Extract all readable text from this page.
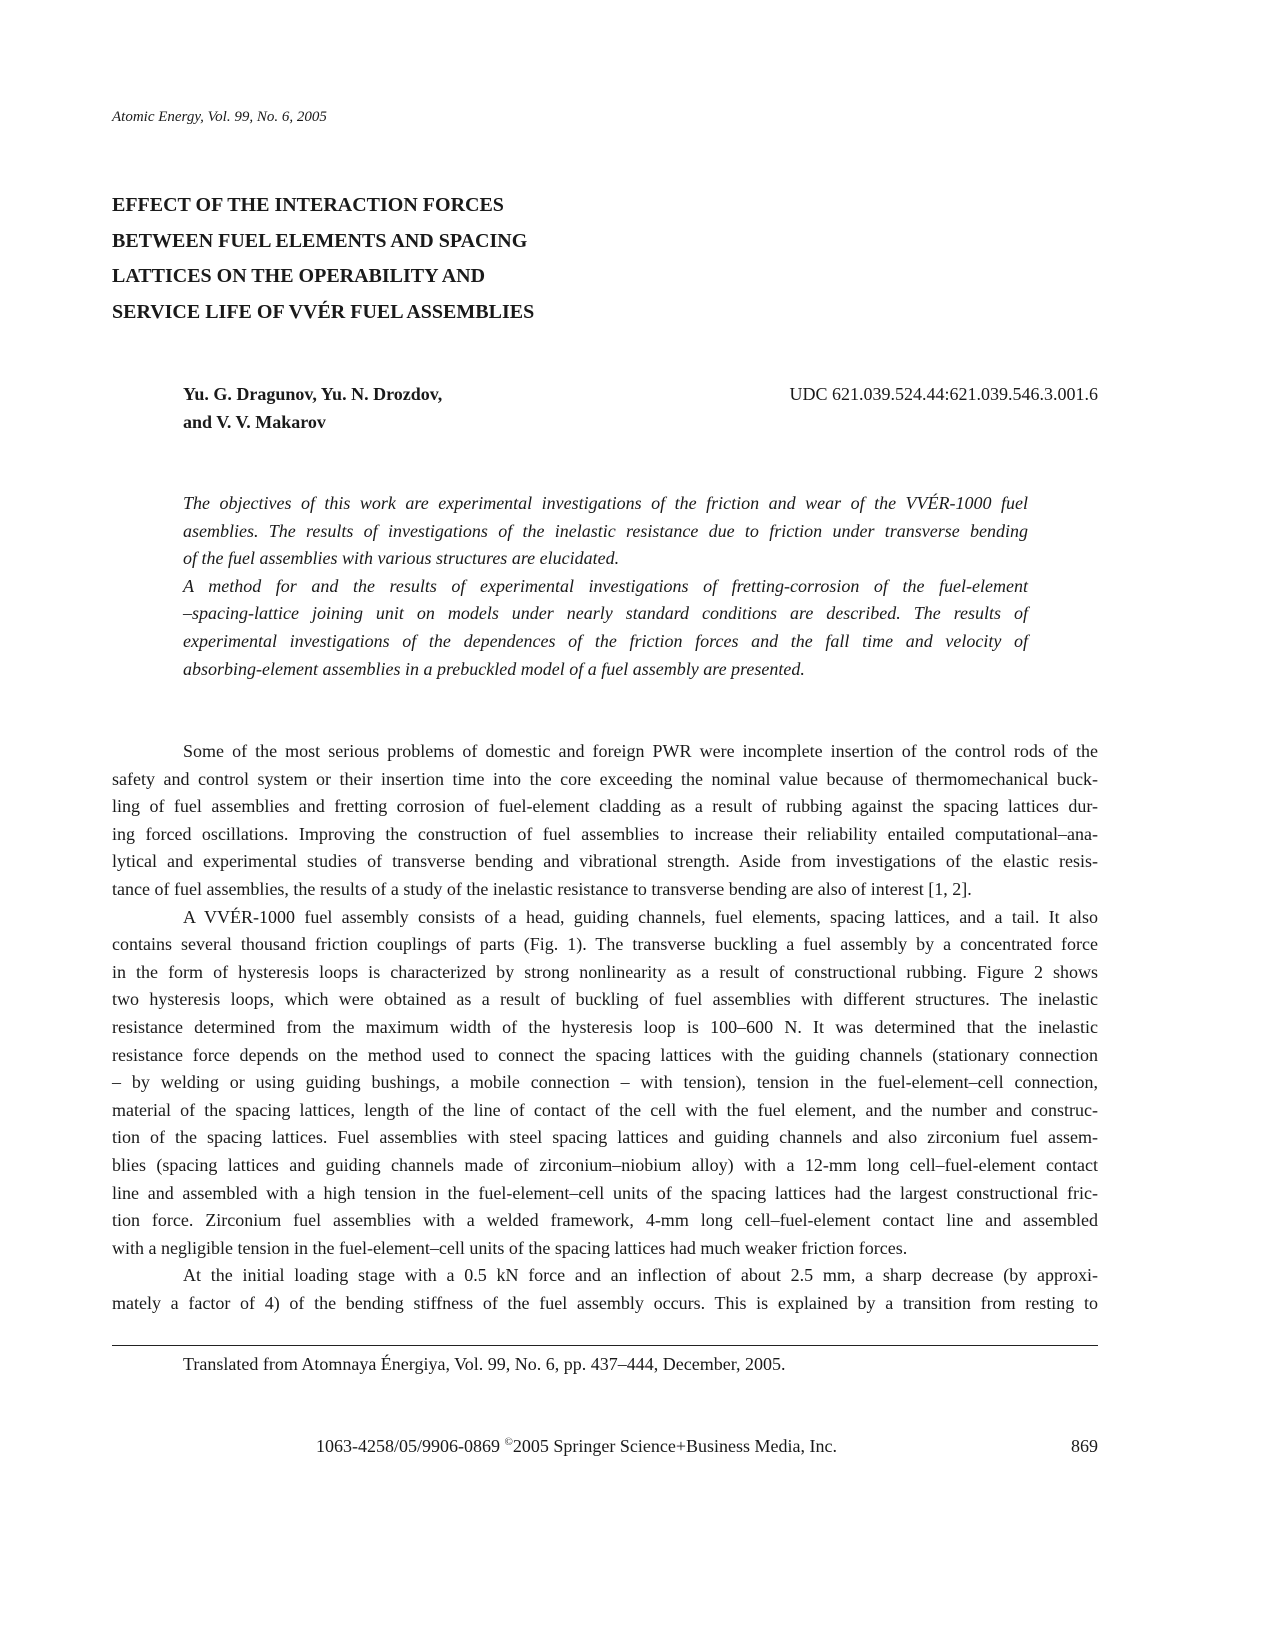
Atomic Energy, Vol. 99, No. 6, 2005
EFFECT OF THE INTERACTION FORCES
BETWEEN FUEL ELEMENTS AND SPACING
LATTICES ON THE OPERABILITY AND
SERVICE LIFE OF VVÉR FUEL ASSEMBLIES
Yu. G. Dragunov, Yu. N. Drozdov,
and V. V. Makarov
UDC 621.039.524.44:621.039.546.3.001.6
The objectives of this work are experimental investigations of the friction and wear of the VVÉR-1000 fuel
asemblies. The results of investigations of the inelastic resistance due to friction under transverse bending
of the fuel assemblies with various structures are elucidated.
A method for and the results of experimental investigations of fretting-corrosion of the fuel-element
–spacing-lattice joining unit on models under nearly standard conditions are described. The results of
experimental investigations of the dependences of the friction forces and the fall time and velocity of
absorbing-element assemblies in a prebuckled model of a fuel assembly are presented.
Some of the most serious problems of domestic and foreign PWR were incomplete insertion of the control rods of the
safety and control system or their insertion time into the core exceeding the nominal value because of thermomechanical buck-
ling of fuel assemblies and fretting corrosion of fuel-element cladding as a result of rubbing against the spacing lattices dur-
ing forced oscillations. Improving the construction of fuel assemblies to increase their reliability entailed computational–ana-
lytical and experimental studies of transverse bending and vibrational strength. Aside from investigations of the elastic resis-
tance of fuel assemblies, the results of a study of the inelastic resistance to transverse bending are also of interest [1, 2].
A VVÉR-1000 fuel assembly consists of a head, guiding channels, fuel elements, spacing lattices, and a tail. It also
contains several thousand friction couplings of parts (Fig. 1). The transverse buckling a fuel assembly by a concentrated force
in the form of hysteresis loops is characterized by strong nonlinearity as a result of constructional rubbing. Figure 2 shows
two hysteresis loops, which were obtained as a result of buckling of fuel assemblies with different structures. The inelastic
resistance determined from the maximum width of the hysteresis loop is 100–600 N. It was determined that the inelastic
resistance force depends on the method used to connect the spacing lattices with the guiding channels (stationary connection
– by welding or using guiding bushings, a mobile connection – with tension), tension in the fuel-element–cell connection,
material of the spacing lattices, length of the line of contact of the cell with the fuel element, and the number and construc-
tion of the spacing lattices. Fuel assemblies with steel spacing lattices and guiding channels and also zirconium fuel assem-
blies (spacing lattices and guiding channels made of zirconium–niobium alloy) with a 12-mm long cell–fuel-element contact
line and assembled with a high tension in the fuel-element–cell units of the spacing lattices had the largest constructional fric-
tion force. Zirconium fuel assemblies with a welded framework, 4-mm long cell–fuel-element contact line and assembled
with a negligible tension in the fuel-element–cell units of the spacing lattices had much weaker friction forces.
At the initial loading stage with a 0.5 kN force and an inflection of about 2.5 mm, a sharp decrease (by approxi-
mately a factor of 4) of the bending stiffness of the fuel assembly occurs. This is explained by a transition from resting to
Translated from Atomnaya Énergiya, Vol. 99, No. 6, pp. 437–444, December, 2005.
1063-4258/05/9906-0869 ©2005 Springer Science+Business Media, Inc.	869
